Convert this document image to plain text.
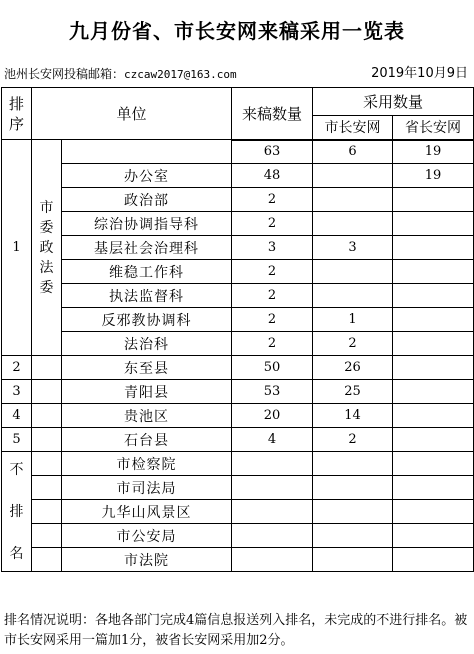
九月份省、市长安网来稿采用一览表
池州长安网投稿邮箱：czcaw2017@163.com	2019年10月9日
排
序	单位		来稿数量	采用数量	
				市长安网	省长安网
1	市
委
政
法
委		63	6	19
		办公室	48		19
		政治部	2		
		综治协调指导科	2		
		基层社会治理科	3	3	
		维稳工作科	2		
		执法监督科	2		
		反邪教协调科	2	1	
		法治科	2	2	
2		东至县	50	26	
3		青阳县	53	25	
4		贵池区	20	14	
5		石台县	4	2	

不
排
名		市检察院			
		市司法局			
		九华山风景区			
		市公安局			
		市法院			
排名情况说明：各地各部门完成4篇信息报送列入排名，未完成的不进行排名。被市长安网采用一篇加1分，被省长安网采用加2分。
